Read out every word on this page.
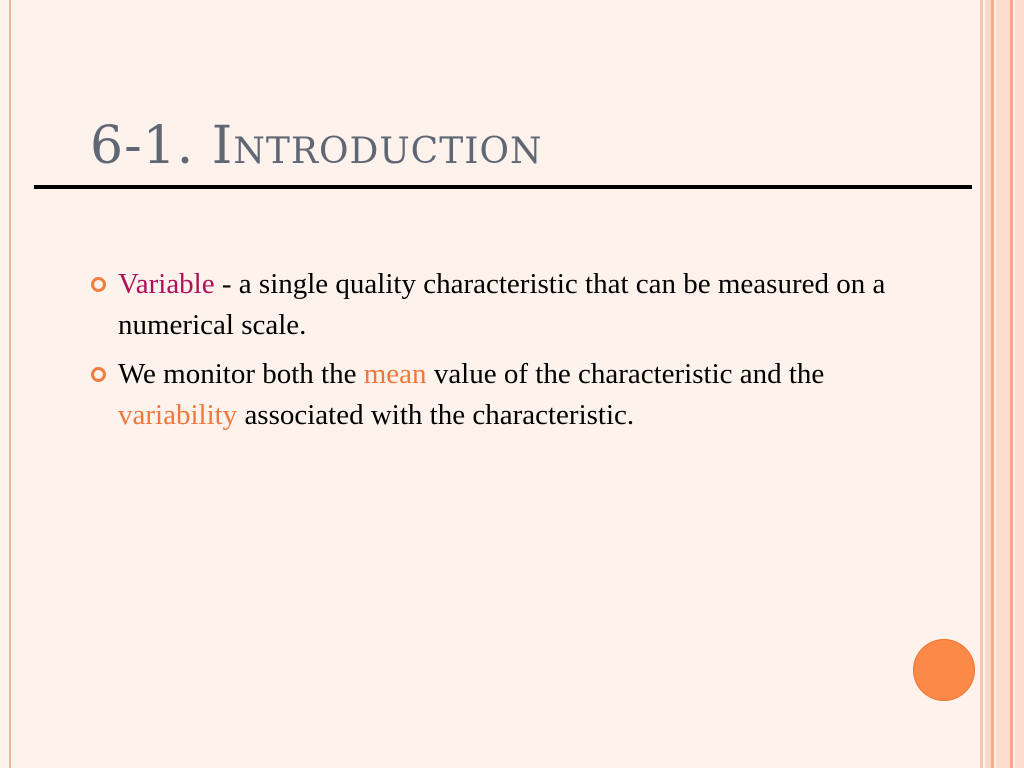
6-1. Introduction
Variable - a single quality characteristic that can be measured on a numerical scale.
We monitor both the mean value of the characteristic and the variability associated with the characteristic.
